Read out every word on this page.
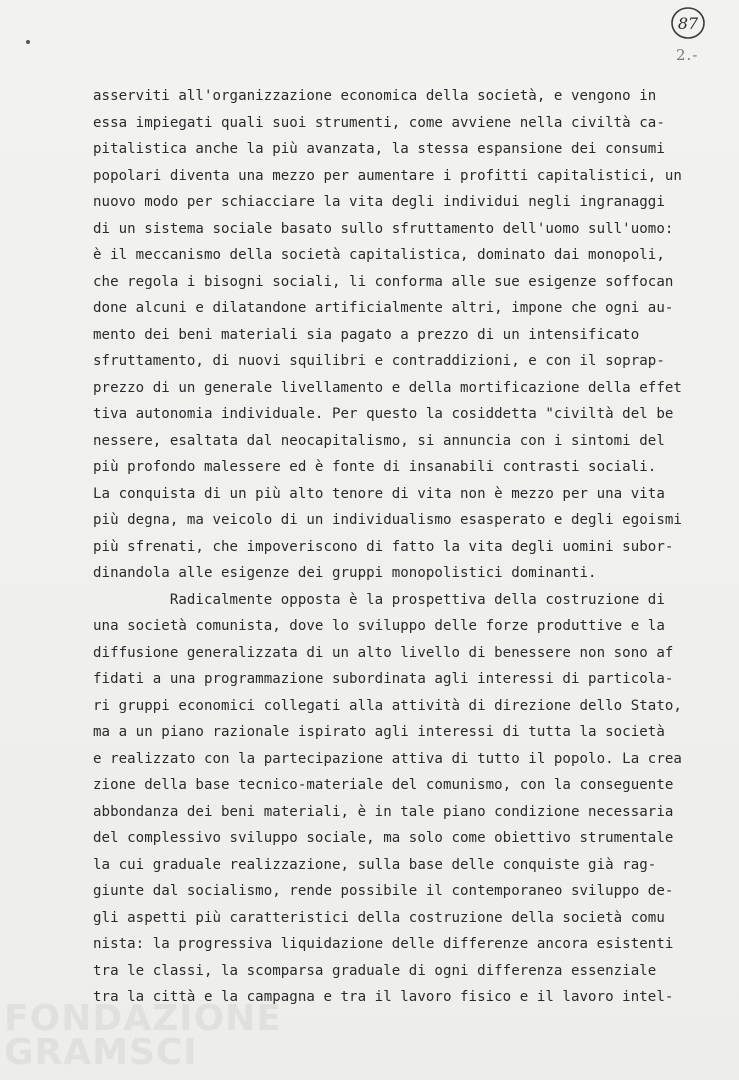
87
2.-
asserviti all'organizzazione economica della società, e vengono in
essa impiegati quali suoi strumenti, come avviene nella civiltà ca-
pitalistica anche la più avanzata, la stessa espansione dei consumi
popolari diventa una mezzo per aumentare i profitti capitalistici, un
nuovo modo per schiacciare la vita degli individui negli ingranaggi
di un sistema sociale basato sullo sfruttamento dell'uomo sull'uomo:
è il meccanismo della società capitalistica, dominato dai monopoli,
che regola i bisogni sociali, li conforma alle sue esigenze soffocan
done alcuni e dilatandone artificialmente altri, impone che ogni au-
mento dei beni materiali sia pagato a prezzo di un intensificato
sfruttamento, di nuovi squilibri e contraddizioni, e con il soprap-
prezzo di un generale livellamento e della mortificazione della effet
tiva autonomia individuale. Per questo la cosiddetta "civiltà del be
nessere, esaltata dal neocapitalismo, si annuncia con i sintomi del
più profondo malessere ed è fonte di insanabili contrasti sociali.
La conquista di un più alto tenore di vita non è mezzo per una vita
più degna, ma veicolo di un individualismo esasperato e degli egoismi
più sfrenati, che impoveriscono di fatto la vita degli uomini subor-
dinandola alle esigenze dei gruppi monopolistici dominanti.
Radicalmente opposta è la prospettiva della costruzione di
una società comunista, dove lo sviluppo delle forze produttive e la
diffusione generalizzata di un alto livello di benessere non sono af
fidati a una programmazione subordinata agli interessi di particola-
ri gruppi economici collegati alla attività di direzione dello Stato,
ma a un piano razionale ispirato agli interessi di tutta la società
e realizzato con la partecipazione attiva di tutto il popolo. La crea
zione della base tecnico-materiale del comunismo, con la conseguente
abbondanza dei beni materiali, è in tale piano condizione necessaria
del complessivo sviluppo sociale, ma solo come obiettivo strumentale
la cui graduale realizzazione, sulla base delle conquiste già rag-
giunte dal socialismo, rende possibile il contemporaneo sviluppo de-
gli aspetti più caratteristici della costruzione della società comu
nista: la progressiva liquidazione delle differenze ancora esistenti
tra le classi, la scomparsa graduale di ogni differenza essenziale
tra la città e la campagna e tra il lavoro fisico e il lavoro intel-
FONDAZIONE
GRAMSCI
